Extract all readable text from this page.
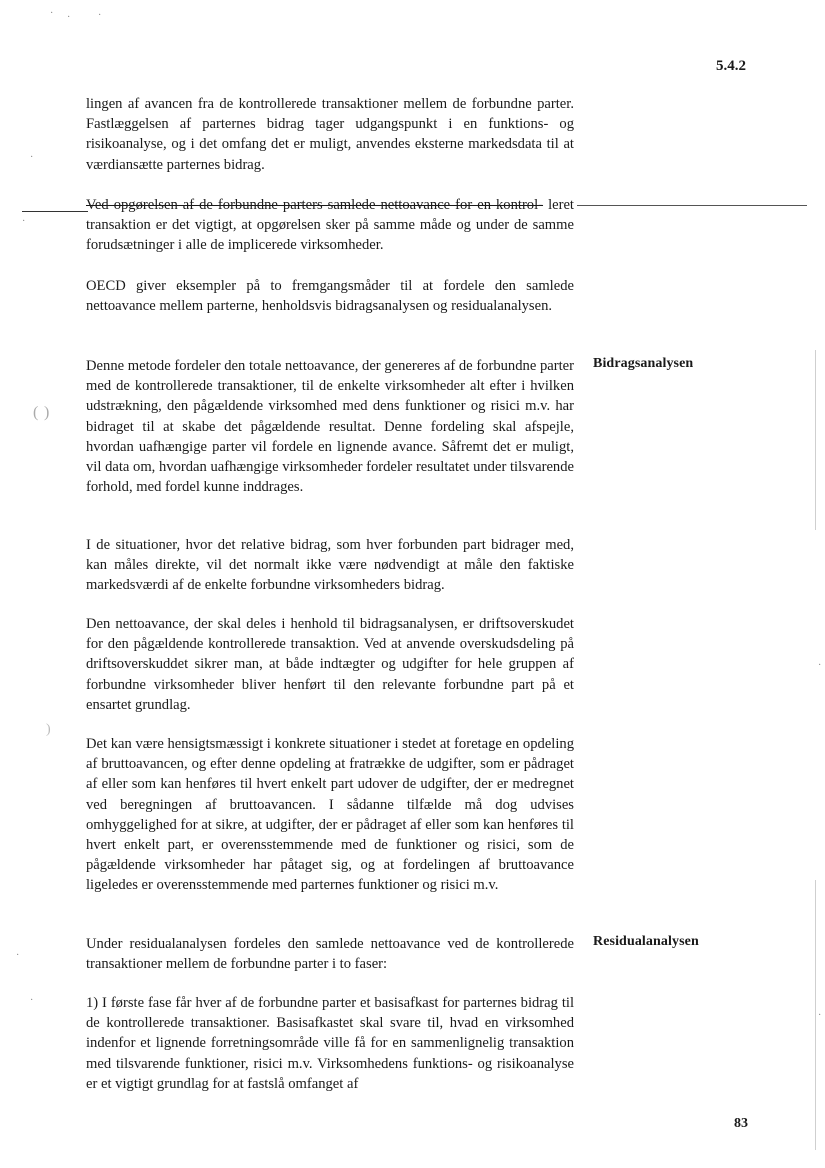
· ·	·
·
·
( )
)
·
·
·
·
5.4.2

lingen af avancen fra de kontrollerede transaktioner mellem de forbundne parter. Fastlæggelsen af parternes bidrag tager udgangspunkt i en funktions- og risikoanalyse, og i det omfang det er muligt, anvendes eksterne markedsdata til at værdiansætte parternes bidrag.

Ved opgørelsen af de forbundne parters samlede nettoavance for en kontrol- leret transaktion er det vigtigt, at opgørelsen sker på samme måde og under de samme forudsætninger i alle de implicerede virksomheder.

OECD giver eksempler på to fremgangsmåder til at fordele den samlede nettoavance mellem parterne, henholdsvis bidragsanalysen og residualanalysen.

Bidragsanalysen

Denne metode fordeler den totale nettoavance, der genereres af de forbundne parter med de kontrollerede transaktioner, til de enkelte virksomheder alt efter i hvilken udstrækning, den pågældende virksomhed med dens funktioner og risici m.v. har bidraget til at skabe det pågældende resultat. Denne fordeling skal afspejle, hvordan uafhængige parter vil fordele en lignende avance. Såfremt det er muligt, vil data om, hvordan uafhængige virksomheder fordeler resultatet under tilsvarende forhold, med fordel kunne inddrages.

I de situationer, hvor det relative bidrag, som hver forbunden part bidrager med, kan måles direkte, vil det normalt ikke være nødvendigt at måle den faktiske markedsværdi af de enkelte forbundne virksomheders bidrag.

Den nettoavance, der skal deles i henhold til bidragsanalysen, er driftsoverskudet for den pågældende kontrollerede transaktion. Ved at anvende overskudsdeling på driftsoverskuddet sikrer man, at både indtægter og udgifter for hele gruppen af forbundne virksomheder bliver henført til den relevante forbundne part på et ensartet grundlag.

Det kan være hensigtsmæssigt i konkrete situationer i stedet at foretage en opdeling af bruttoavancen, og efter denne opdeling at fratrække de udgifter, som er pådraget af eller som kan henføres til hvert enkelt part udover de udgifter, der er medregnet ved beregningen af bruttoavancen. I sådanne tilfælde må dog udvises omhyggelighed for at sikre, at udgifter, der er pådraget af eller som kan henføres til hvert enkelt part, er overensstemmende med de funktioner og risici, som de pågældende virksomheder har påtaget sig, og at fordelingen af bruttoavance ligeledes er overensstemmende med parternes funktioner og risici m.v.

Residualanalysen

Under residualanalysen fordeles den samlede nettoavance ved de kontrollerede transaktioner mellem de forbundne parter i to faser:

1) I første fase får hver af de forbundne parter et basisafkast for parternes bidrag til de kontrollerede transaktioner. Basisafkastet skal svare til, hvad en virksomhed indenfor et lignende forretningsområde ville få for en sammenlignelig transaktion med tilsvarende funktioner, risici m.v. Virksomhedens funktions- og risikoanalyse er et vigtigt grundlag for at fastslå omfanget af

83
